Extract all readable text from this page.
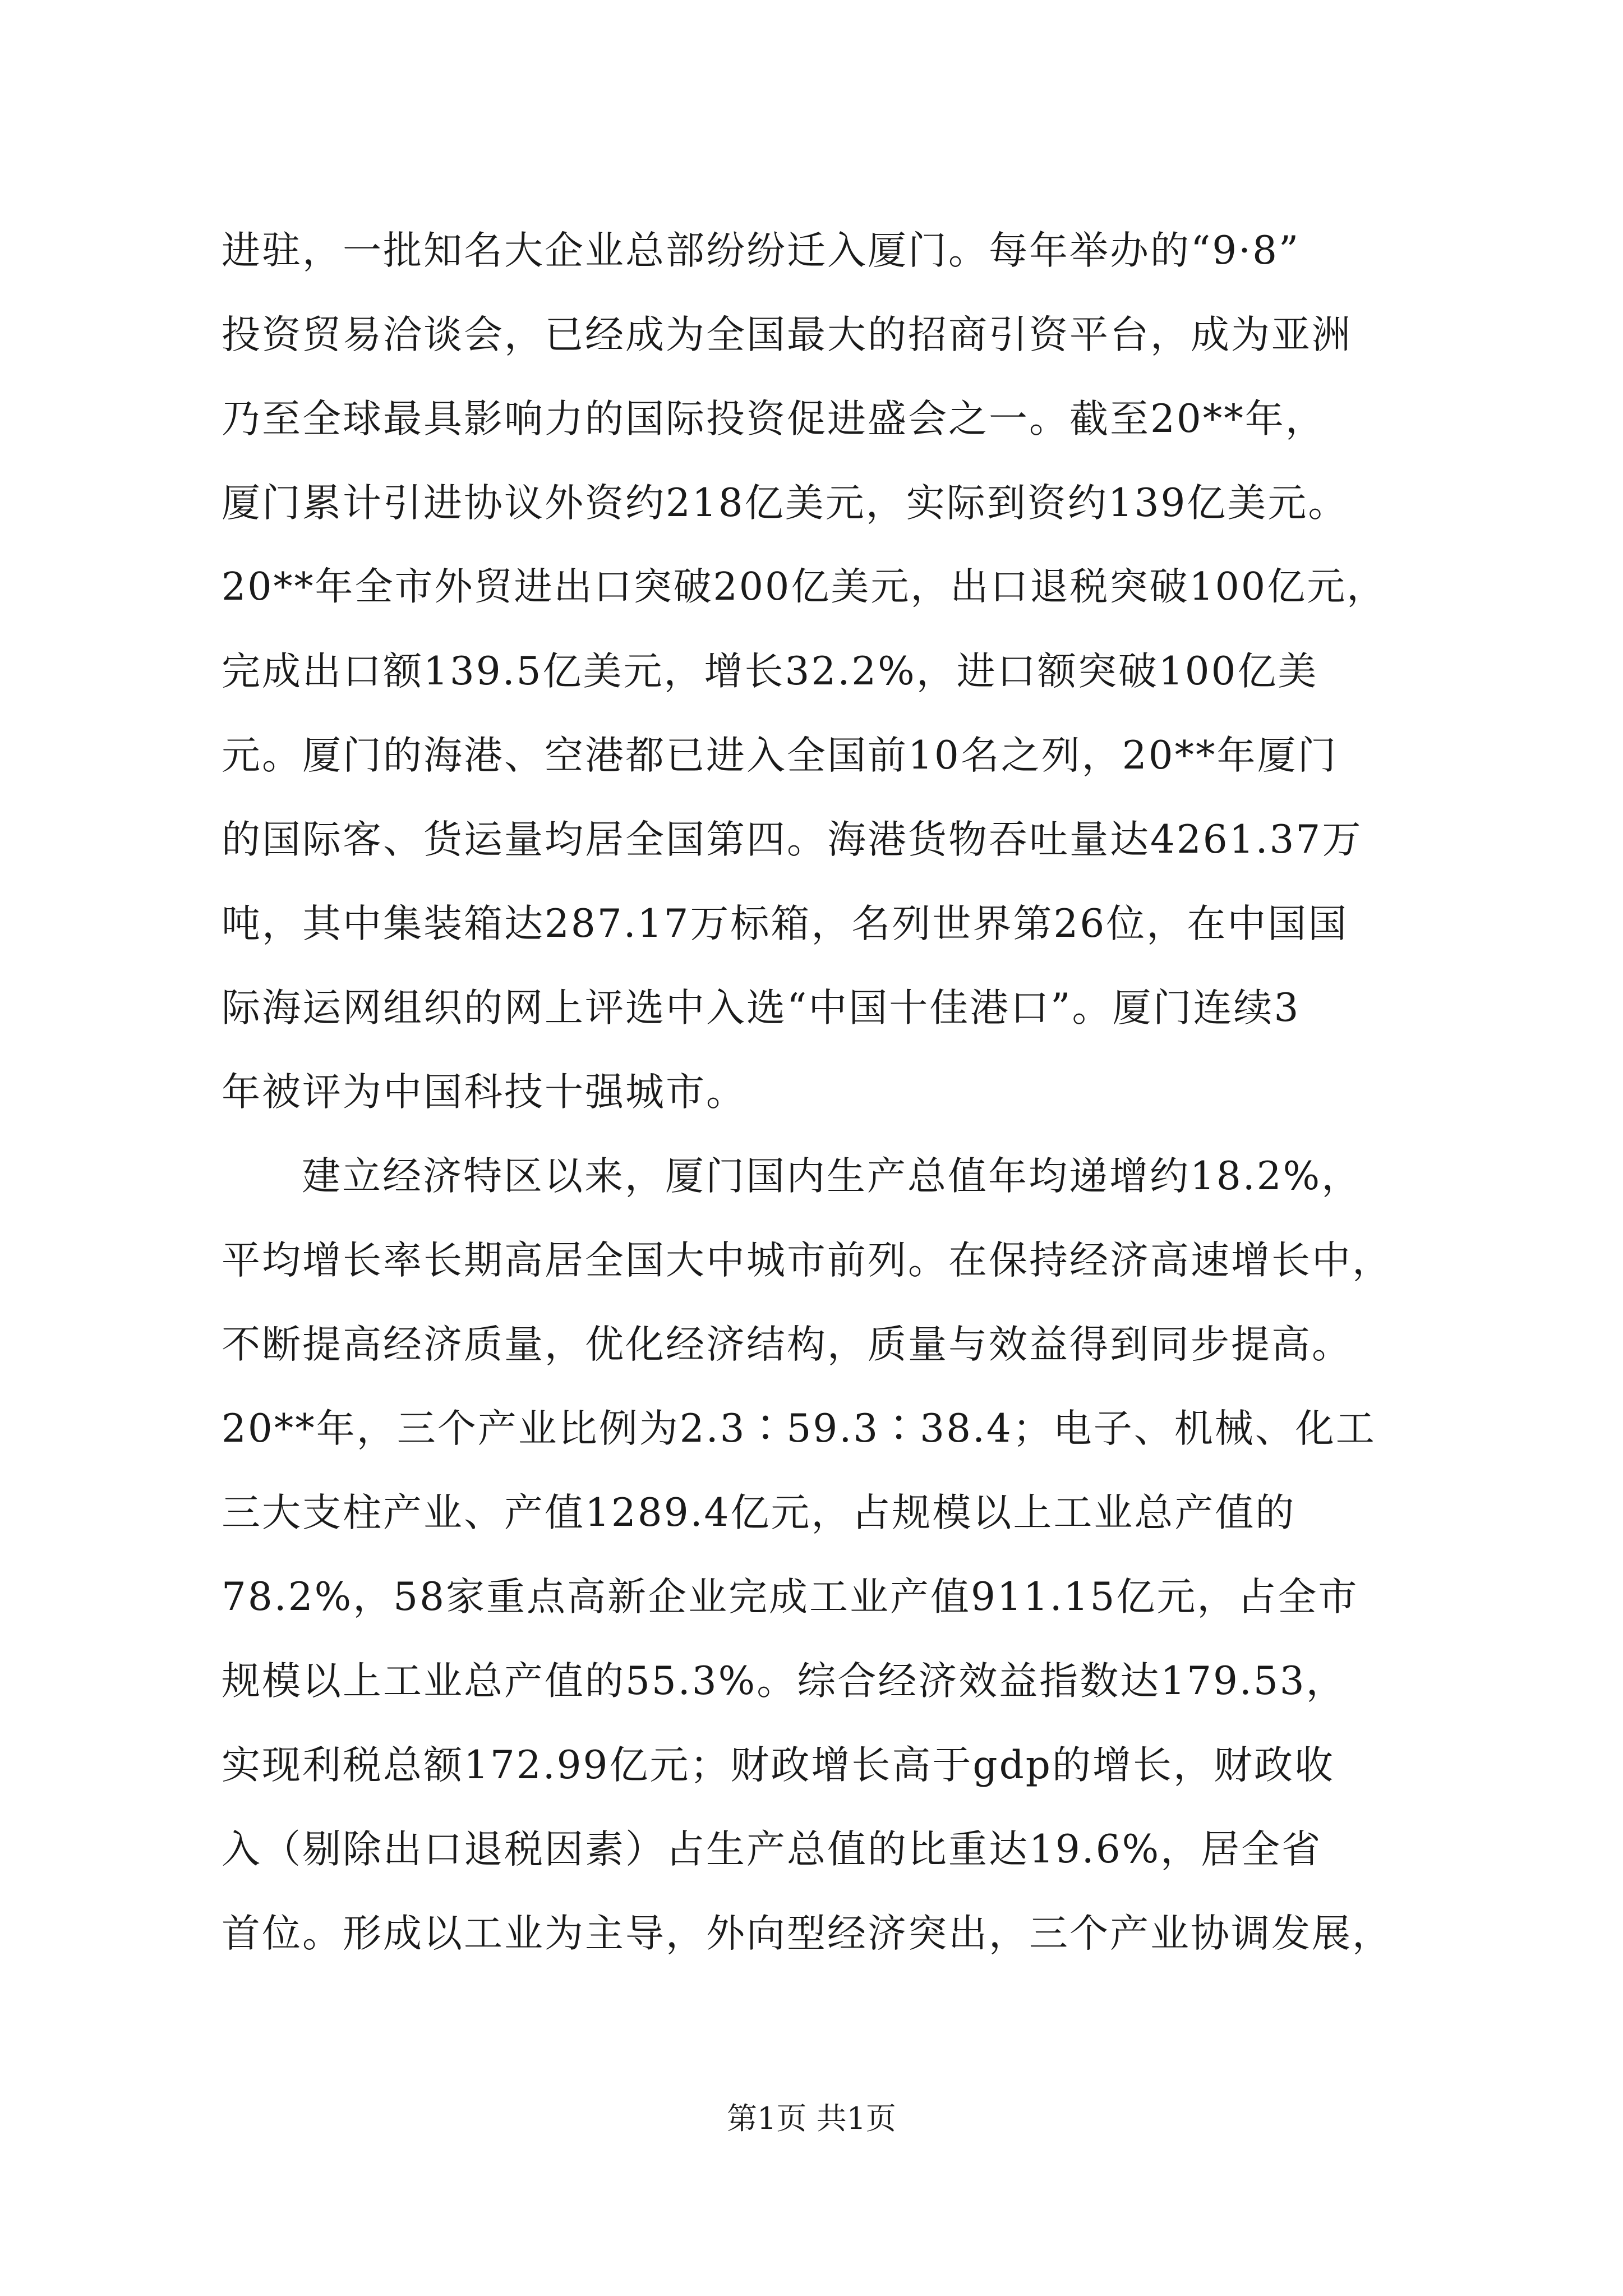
进驻，一批知名大企业总部纷纷迁入厦门。每年举办的“9·8”
投资贸易洽谈会，已经成为全国最大的招商引资平台，成为亚洲
乃至全球最具影响力的国际投资促进盛会之一。截至20**年，
厦门累计引进协议外资约218亿美元，实际到资约139亿美元。
20**年全市外贸进出口突破200亿美元，出口退税突破100亿元，
完成出口额139.5亿美元，增长32.2%，进口额突破100亿美
元。厦门的海港、空港都已进入全国前10名之列，20**年厦门
的国际客、货运量均居全国第四。海港货物吞吐量达4261.37万
吨，其中集装箱达287.17万标箱，名列世界第26位，在中国国
际海运网组织的网上评选中入选“中国十佳港口”。厦门连续3
年被评为中国科技十强城市。
建立经济特区以来，厦门国内生产总值年均递增约18.2%，
平均增长率长期高居全国大中城市前列。在保持经济高速增长中，
不断提高经济质量，优化经济结构，质量与效益得到同步提高。
20**年，三个产业比例为2.3∶59.3∶38.4；电子、机械、化工
三大支柱产业、产值1289.4亿元，占规模以上工业总产值的
78.2%，58家重点高新企业完成工业产值911.15亿元，占全市
规模以上工业总产值的55.3%。综合经济效益指数达179.53，
实现利税总额172.99亿元；财政增长高于gdp的增长，财政收
入（剔除出口退税因素）占生产总值的比重达19.6%，居全省
首位。形成以工业为主导，外向型经济突出，三个产业协调发展，
第1页 共1页
